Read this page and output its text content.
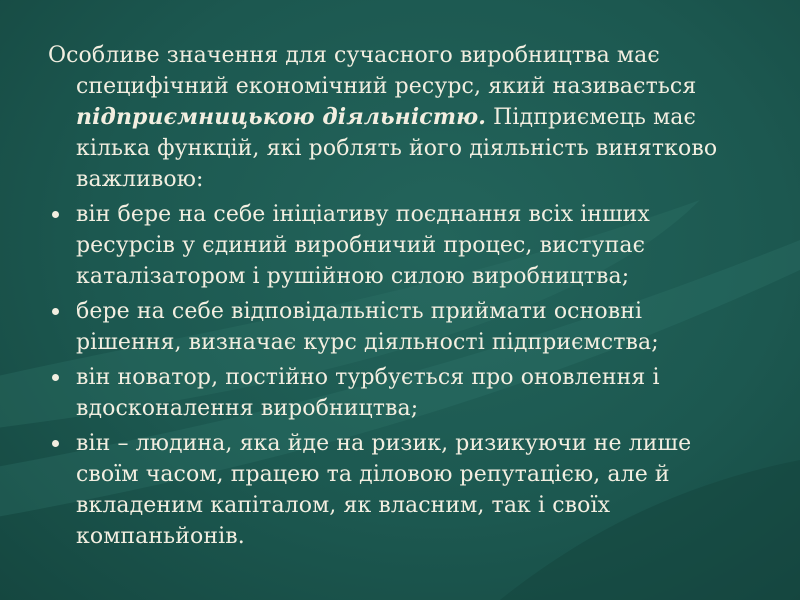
Особливе значення для сучасного виробництва має
специфічний економічний ресурс, який називається підприємницькою діяльністю. Підприємець має кілька функцій, які роблять його діяльність винятково важливою:
він бере на себе ініціативу поєднання всіх інших ресурсів у єдиний виробничий процес, виступає каталізатором і рушійною силою виробництва;
бере на себе відповідальність приймати основні рішення, визначає курс діяльності підприємства;
він новатор, постійно турбується про оновлення і вдосконалення виробництва;
він – людина, яка йде на ризик, ризикуючи не лише своїм часом, працею та діловою репутацією, але й вкладеним капіталом, як власним, так і своїх компаньйонів.
